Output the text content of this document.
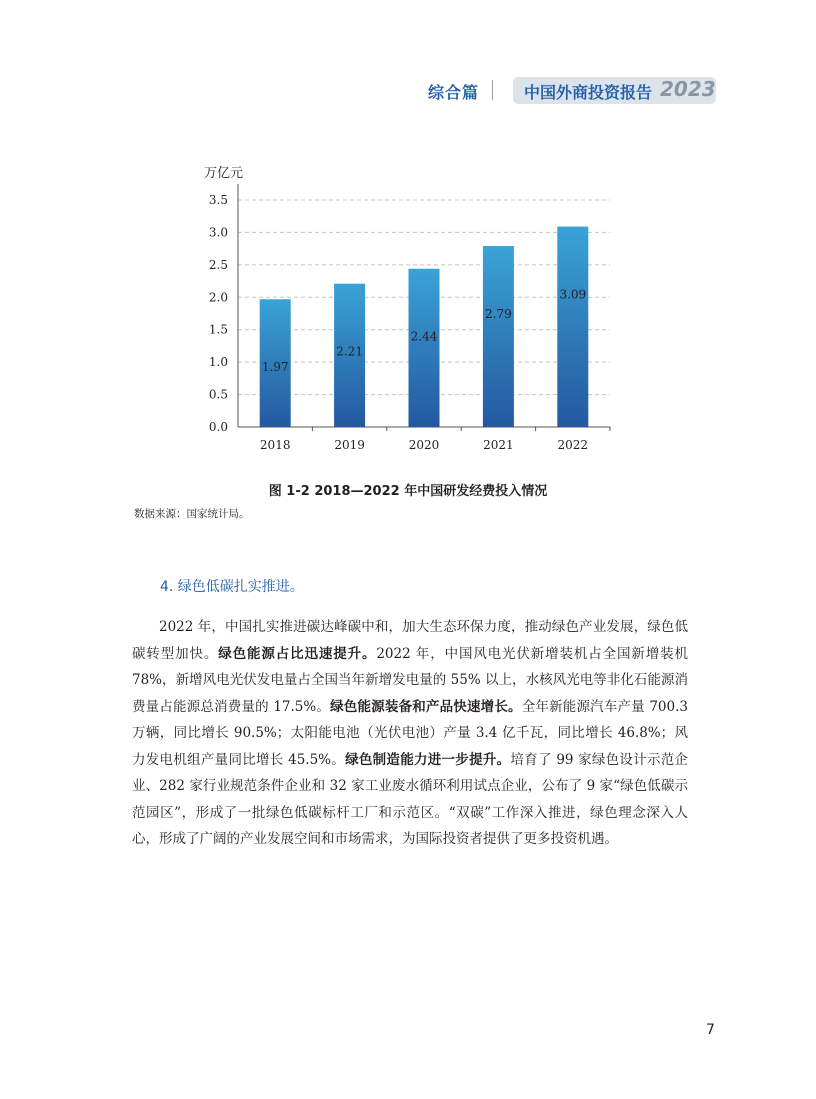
综合篇	中国外商投资报告 2023
万亿元
0.0
0.5
1.0
1.5
2.0
2.5
3.0
3.5
1.97
2018
2.21
2019
2.44
2020
2.79
2021
3.09
2022
图 1-2 2018—2022 年中国研发经费投入情况
数据来源：国家统计局。
4. 绿色低碳扎实推进。

2022 年，中国扎实推进碳达峰碳中和，加大生态环保力度，推动绿色产业发展，绿色低碳转型加快。绿色能源占比迅速提升。2022 年，中国风电光伏新增装机占全国新增装机 78%，新增风电光伏发电量占全国当年新增发电量的 55% 以上，水核风光电等非化石能源消费量占能源总消费量的 17.5%。绿色能源装备和产品快速增长。全年新能源汽车产量 700.3 万辆，同比增长 90.5%；太阳能电池（光伏电池）产量 3.4 亿千瓦，同比增长 46.8%；风力发电机组产量同比增长 45.5%。绿色制造能力进一步提升。培育了 99 家绿色设计示范企业、282 家行业规范条件企业和 32 家工业废水循环利用试点企业，公布了 9 家“绿色低碳示范园区”，形成了一批绿色低碳标杆工厂和示范区。“双碳”工作深入推进，绿色理念深入人心，形成了广阔的产业发展空间和市场需求，为国际投资者提供了更多投资机遇。

7
